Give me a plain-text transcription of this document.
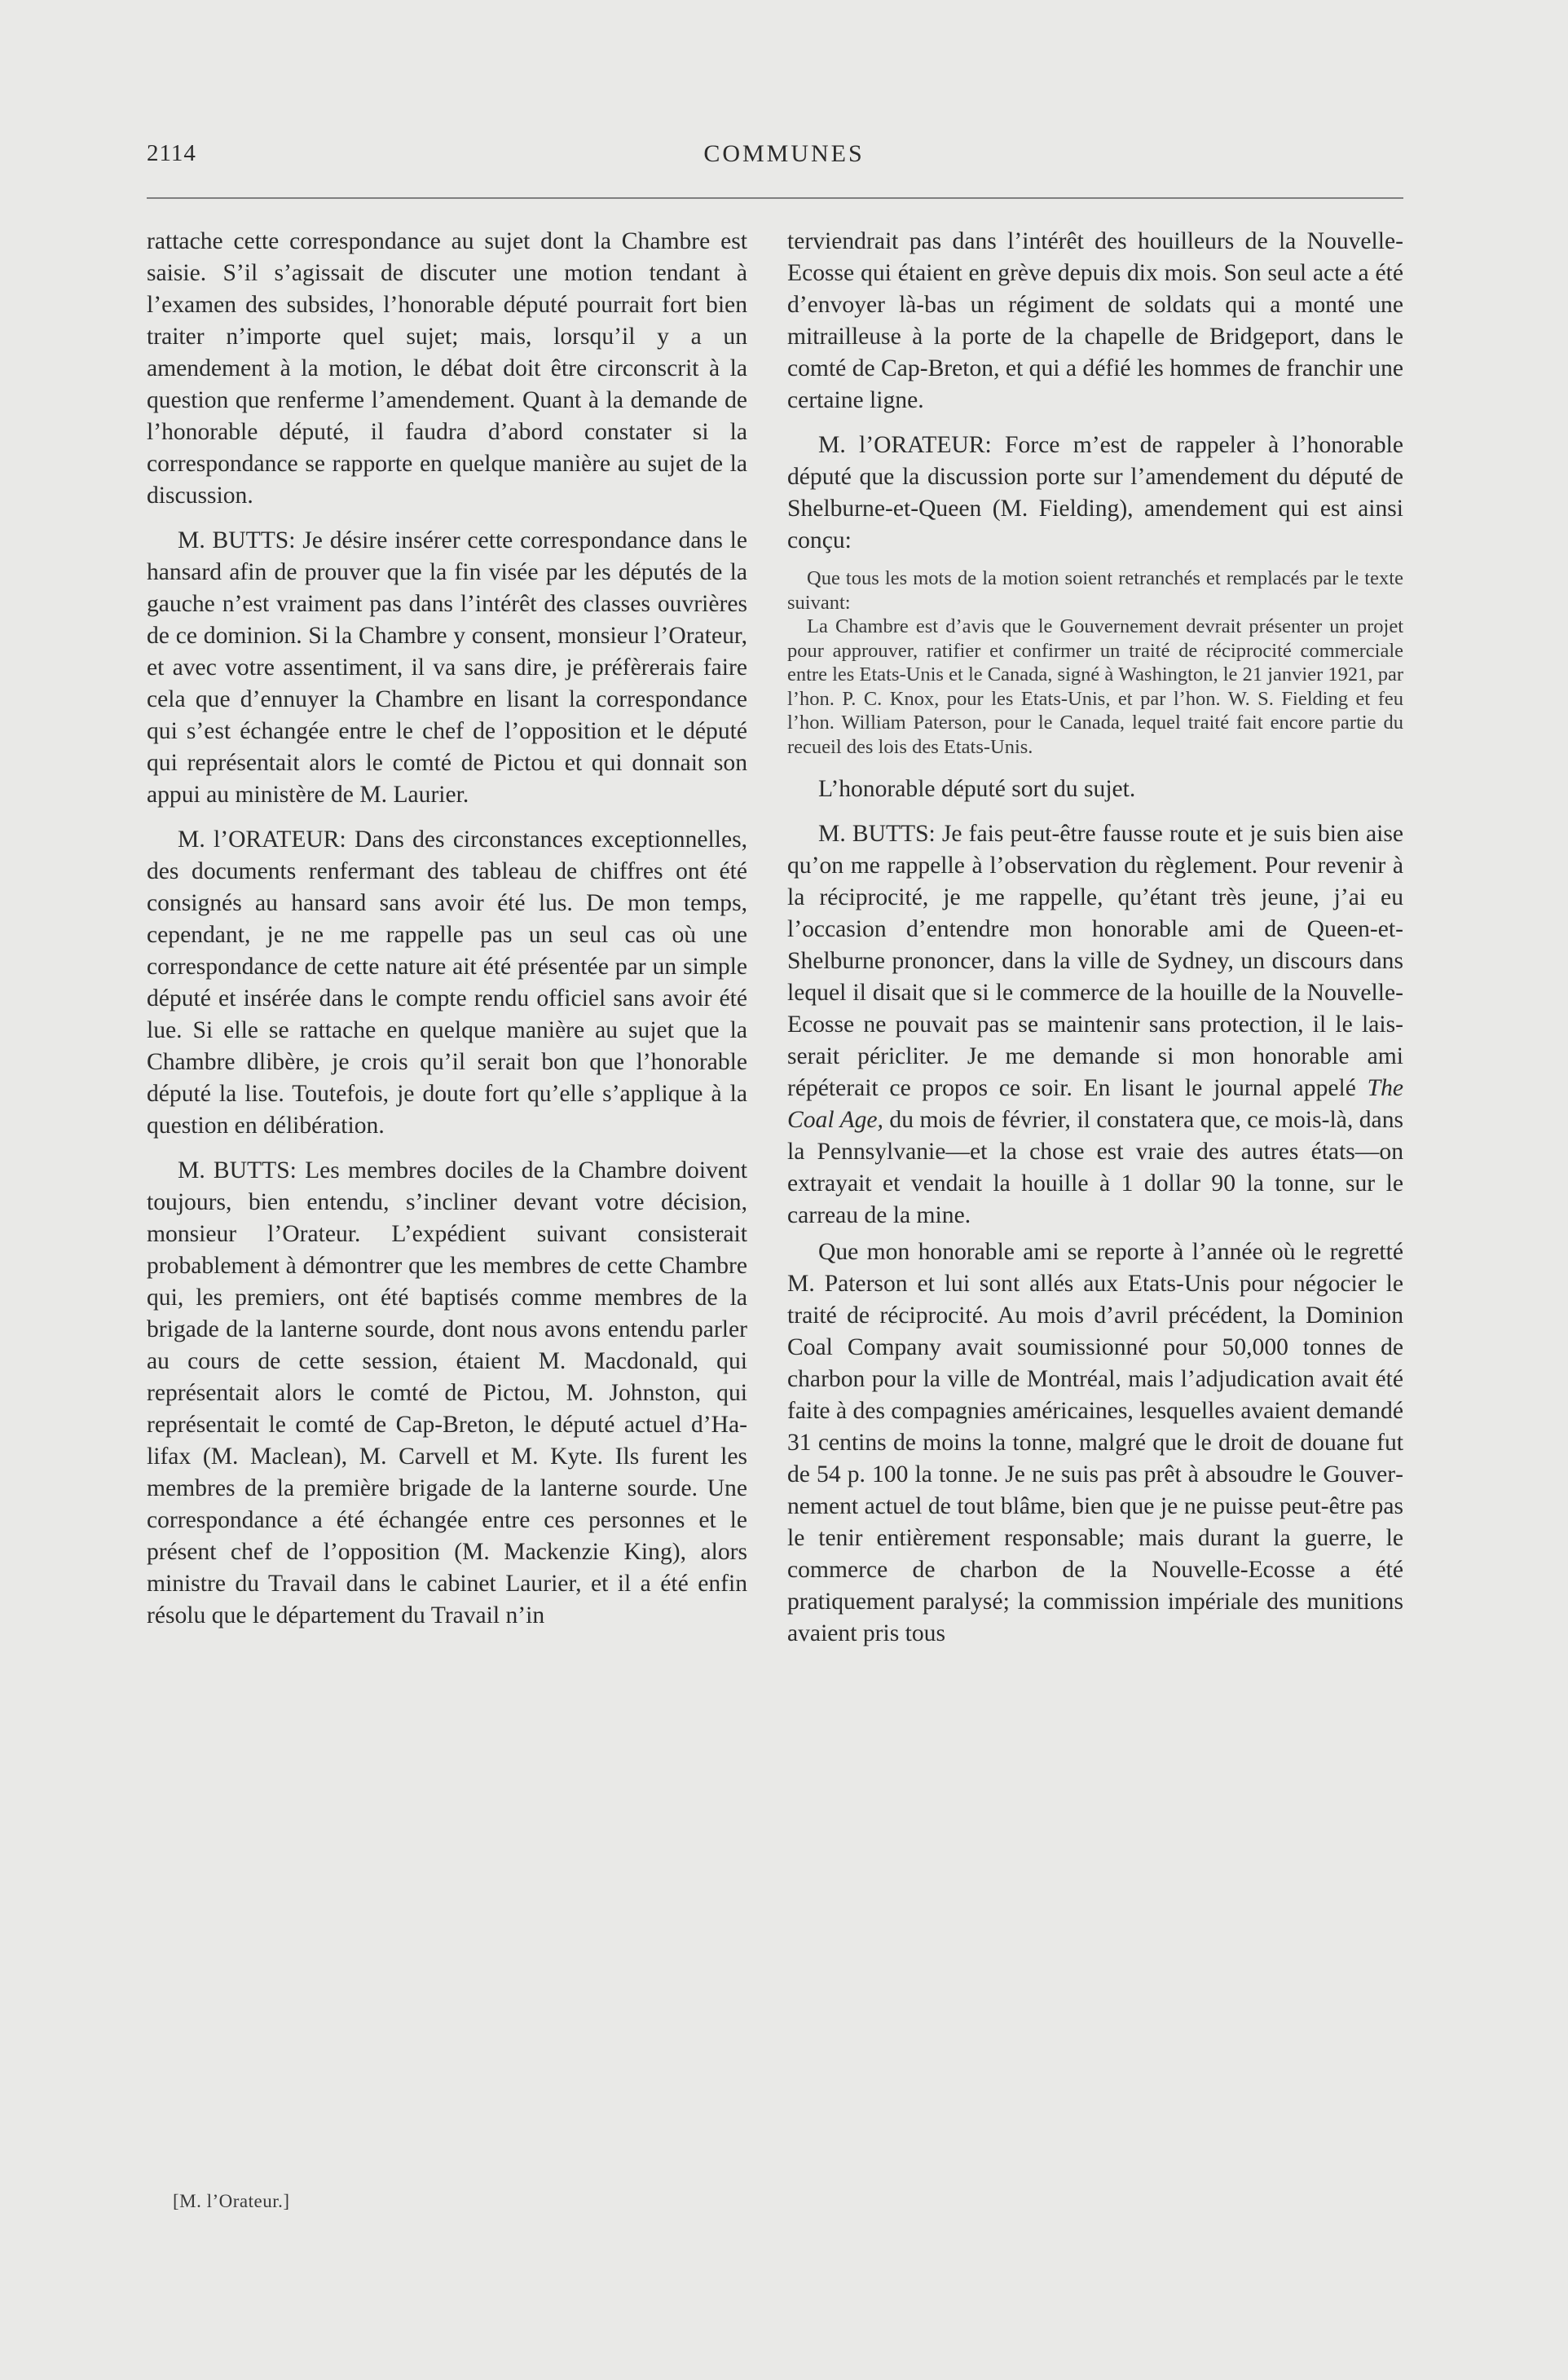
2114	COMMUNES

rattache cette correspondance au sujet dont la Chambre est saisie. S’il s’agissait de discuter une motion tendant à l’examen des subsides, l’honorable député pourrait fort bien traiter n’importe quel sujet; mais, lorsqu’il y a un amendement à la motion, le débat doit être circonscrit à la question que renferme l’amendement. Quant à la demande de l’honorable député, il faudra d’abord constater si la correspondance se rapporte en quelque manière au sujet de la discussion.

M. BUTTS: Je désire insérer cette correspondance dans le hansard afin de prouver que la fin visée par les députés de la gauche n’est vraiment pas dans l’intérêt des classes ouvrières de ce dominion. Si la Chambre y consent, monsieur l’Orateur, et avec votre assentiment, il va sans dire, je préfèrerais faire cela que d’ennuyer la Chambre en lisant la correspondance qui s’est échangée entre le chef de l’opposition et le député qui représentait alors le comté de Pictou et qui donnait son appui au ministère de M. Laurier.

M. l’ORATEUR: Dans des circonstances exceptionnelles, des documents renfermant des tableau de chiffres ont été consignés au hansard sans avoir été lus. De mon temps, cependant, je ne me rappelle pas un seul cas où une correspondance de cette nature ait été présentée par un simple député et insérée dans le compte rendu officiel sans avoir été lue. Si elle se rattache en quelque manière au sujet que la Chambre dlibère, je crois qu’il serait bon que l’honorable député la lise. Toutefois, je doute fort qu’elle s’applique à la question en délibération.

M. BUTTS: Les membres dociles de la Chambre doivent toujours, bien entendu, s’incliner devant votre décision, monsieur l’Orateur. L’expédient suivant consisterait probablement à démontrer que les membres de cette Chambre qui, les premiers, ont été baptisés comme membres de la brigade de la lanterne sourde, dont nous avons entendu parler au cours de cette session, étaient M. Macdonald, qui représentait alors le comté de Pictou, M. Johnston, qui représentait le comté de Cap-Breton, le député actuel d’Halifax (M. Maclean), M. Carvell et M. Kyte. Ils furent les membres de la première brigade de la lanterne sourde. Une correspondance a été échangée entre ces personnes et le présent chef de l’opposition (M. Mackenzie King), alors ministre du Travail dans le cabinet Laurier, et il a été enfin résolu que le département du Travail n’in

terviendrait pas dans l’intérêt des houilleurs de la Nouvelle-Ecosse qui étaient en grève depuis dix mois. Son seul acte a été d’envoyer là-bas un régiment de soldats qui a monté une mitrailleuse à la porte de la chapelle de Bridgeport, dans le comté de Cap-Breton, et qui a défié les hommes de franchir une certaine ligne.

M. l’ORATEUR: Force m’est de rappeler à l’honorable député que la discussion porte sur l’amendement du député de Shelburne-et-Queen (M. Fielding), amendement qui est ainsi conçu:

Que tous les mots de la motion soient retranchés et remplacés par le texte suivant:

La Chambre est d’avis que le Gouvernement devrait présenter un projet pour approuver, ratifier et confirmer un traité de réciprocité commerciale entre les Etats-Unis et le Canada, signé à Washington, le 21 janvier 1921, par l’hon. P. C. Knox, pour les Etats-Unis, et par l’hon. W. S. Fielding et feu l’hon. William Paterson, pour le Canada, lequel traité fait encore partie du recueil des lois des Etats-Unis.

L’honorable député sort du sujet.

M. BUTTS: Je fais peut-être fausse route et je suis bien aise qu’on me rappelle à l’observation du règlement. Pour revenir à la réciprocité, je me rappelle, qu’étant très jeune, j’ai eu l’occasion d’entendre mon honorable ami de Queen-et-Shelburne prononcer, dans la ville de Sydney, un discours dans lequel il disait que si le commerce de la houille de la Nouvelle-Ecosse ne pouvait pas se maintenir sans protection, il le laisserait péricliter. Je me demande si mon honorable ami répéterait ce propos ce soir. En lisant le journal appelé The Coal Age, du mois de février, il constatera que, ce mois-là, dans la Pennsylvanie—et la chose est vraie des autres états—on extrayait et vendait la houille à 1 dollar 90 la tonne, sur le carreau de la mine.

Que mon honorable ami se reporte à l’année où le regretté M. Paterson et lui sont allés aux Etats-Unis pour négocier le traité de réciprocité. Au mois d’avril précédent, la Dominion Coal Company avait soumissionné pour 50,000 tonnes de charbon pour la ville de Montréal, mais l’adjudication avait été faite à des compagnies américaines, lesquelles avaient demandé 31 centins de moins la tonne, malgré que le droit de douane fut de 54 p. 100 la tonne. Je ne suis pas prêt à absoudre le Gouvernement actuel de tout blâme, bien que je ne puisse peut-être pas le tenir entièrement responsable; mais durant la guerre, le commerce de charbon de la Nouvelle-Ecosse a été pratiquement paralysé; la commission impériale des munitions avaient pris tous

[M. l’Orateur.]
